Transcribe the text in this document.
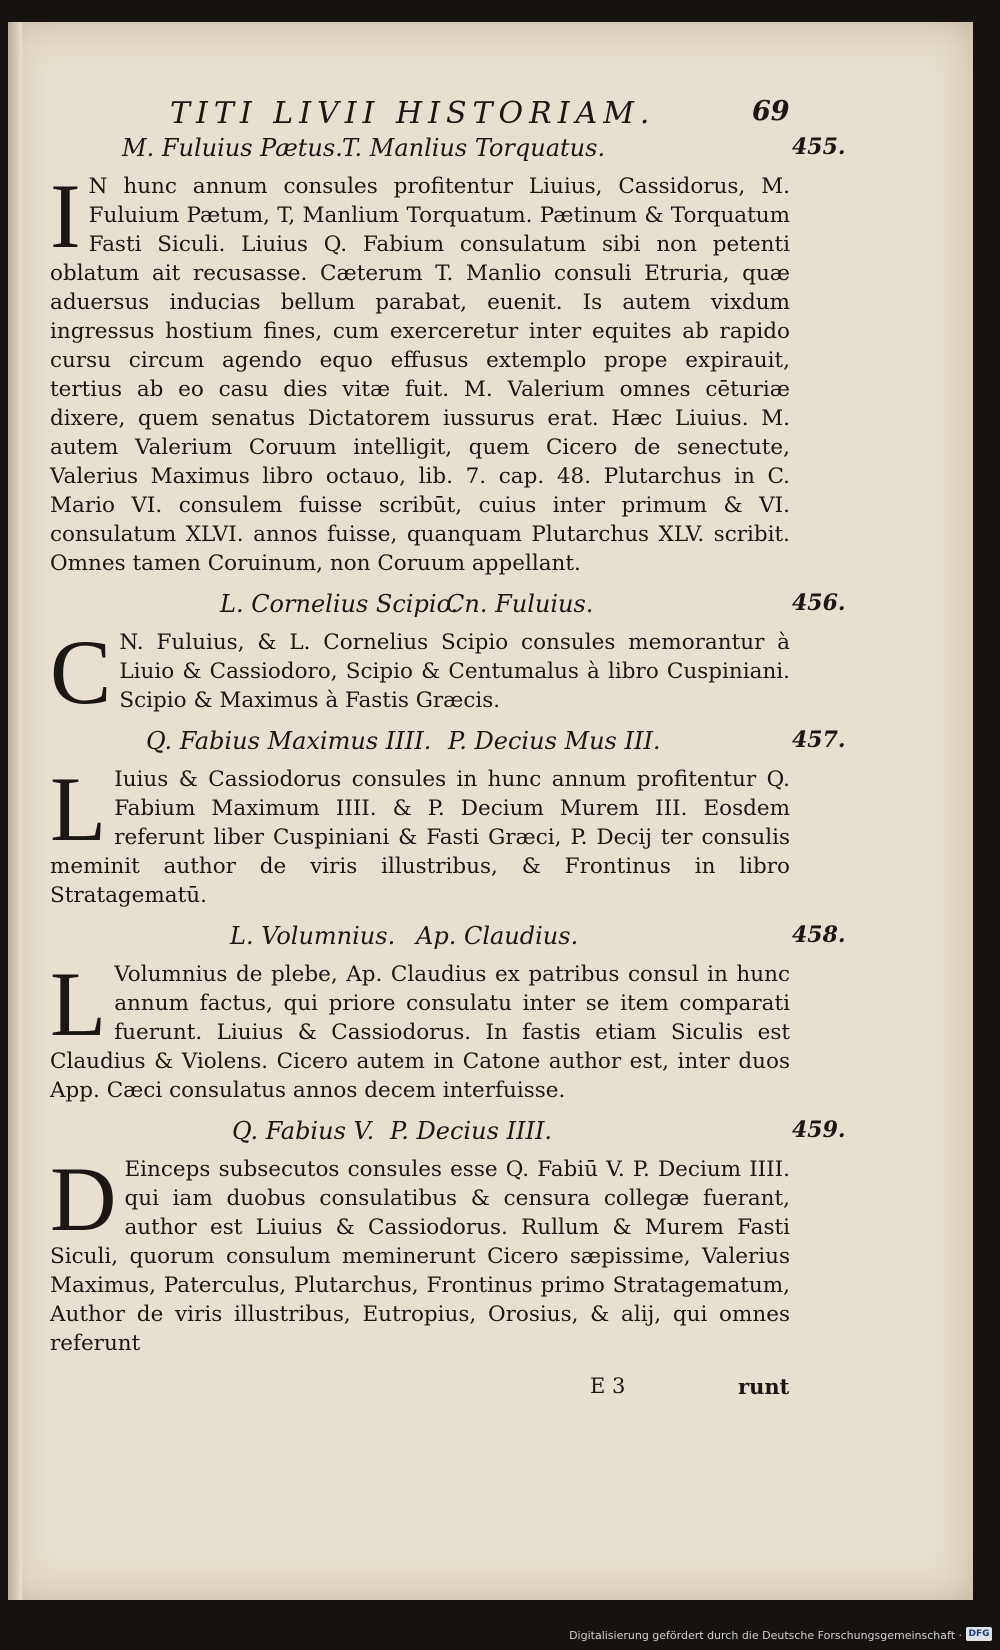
TITI LIVII HISTORIAM.	69
M. Fuluius Pætus. T. Manlius Torquatus.	455.

I N hunc annum consules profitentur Liuius, Cassidorus, M. Fuluium Pætum, T, Manlium Torquatum. Pætinum & Torquatum Fasti Siculi. Liuius Q. Fabium consulatum sibi non petenti oblatum ait recusasse. Cæterum T. Manlio consuli Etruria, quæ aduersus inducias bellum parabat, euenit. Is autem vixdum ingressus hostium fines, cum exerceretur inter equites ab rapido cursu circum agendo equo effusus extemplo prope expirauit, tertius ab eo casu dies vitæ fuit. M. Valerium omnes cēturiæ dixere, quem senatus Dictatorem iussurus erat. Hæc Liuius. M. autem Valerium Coruum intelligit, quem Cicero de senectute, Valerius Maximus libro octauo, lib. 7. cap. 48. Plutarchus in C. Mario VI. consulem fuisse scribūt, cuius inter primum & VI. consulatum XLVI. annos fuisse, quanquam Plutarchus XLV. scribit. Omnes tamen Coruinum, non Coruum appellant.

L. Cornelius Scipio.
Cn. Fuluius.	456.

C N. Fuluius, & L. Cornelius Scipio consules memorantur à Liuio & Cassiodoro, Scipio & Centumalus à libro Cuspiniani. Scipio & Maximus à Fastis Græcis.

Q. Fabius Maximus IIII. P. Decius Mus III.	457.

L Iuius & Cassiodorus consules in hunc annum profitentur Q. Fabium Maximum IIII. & P. Decium Murem III. Eosdem referunt liber Cuspiniani & Fasti Græci, P. Decij ter consulis meminit author de viris illustribus, & Frontinus in libro Stratagematū.

L. Volumnius. Ap. Claudius.	458.

L Volumnius de plebe, Ap. Claudius ex patribus consul in hunc annum factus, qui priore consulatu inter se item comparati fuerunt. Liuius & Cassiodorus. In fastis etiam Siculis est Claudius & Violens. Cicero autem in Catone author est, inter duos App. Cæci consulatus annos decem interfuisse.

Q. Fabius V. P. Decius IIII.	459.

D Einceps subsecutos consules esse Q. Fabiū V. P. Decium IIII. qui iam duobus consulatibus & censura collegæ fuerant, author est Liuius & Cassiodorus. Rullum & Murem Fasti Siculi, quorum consulum meminerunt Cicero sæpissime, Valerius Maximus, Paterculus, Plutarchus, Frontinus primo Stratagematum, Author de viris illustribus, Eutropius, Orosius, & alij, qui omnes referunt

E 3	runt
Digitalisierung gefördert durch die Deutsche Forschungsgemeinschaft · DFG
